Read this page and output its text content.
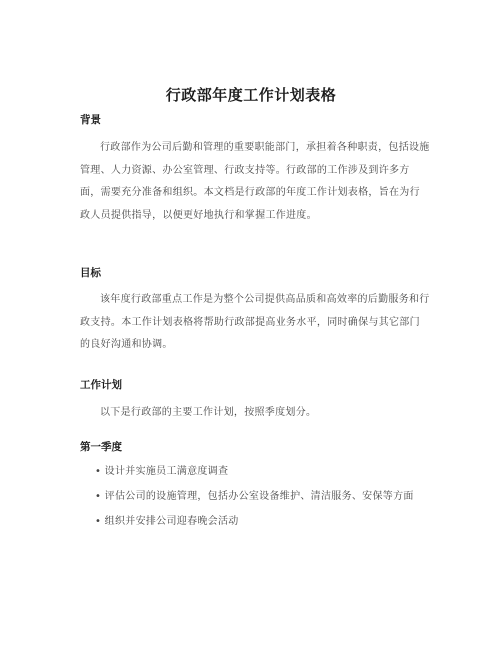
行政部年度工作计划表格
背景

行政部作为公司后勤和管理的重要职能部门，承担着各种职责，包括设施管理、人力资源、办公室管理、行政支持等。行政部的工作涉及到许多方面，需要充分准备和组织。本文档是行政部的年度工作计划表格，旨在为行政人员提供指导，以便更好地执行和掌握工作进度。

目标

该年度行政部重点工作是为整个公司提供高品质和高效率的后勤服务和行政支持。本工作计划表格将帮助行政部提高业务水平，同时确保与其它部门的良好沟通和协调。

工作计划

以下是行政部的主要工作计划，按照季度划分。

第一季度
• 设计并实施员工满意度调查
• 评估公司的设施管理，包括办公室设备维护、清洁服务、安保等方面
• 组织并安排公司迎春晚会活动
